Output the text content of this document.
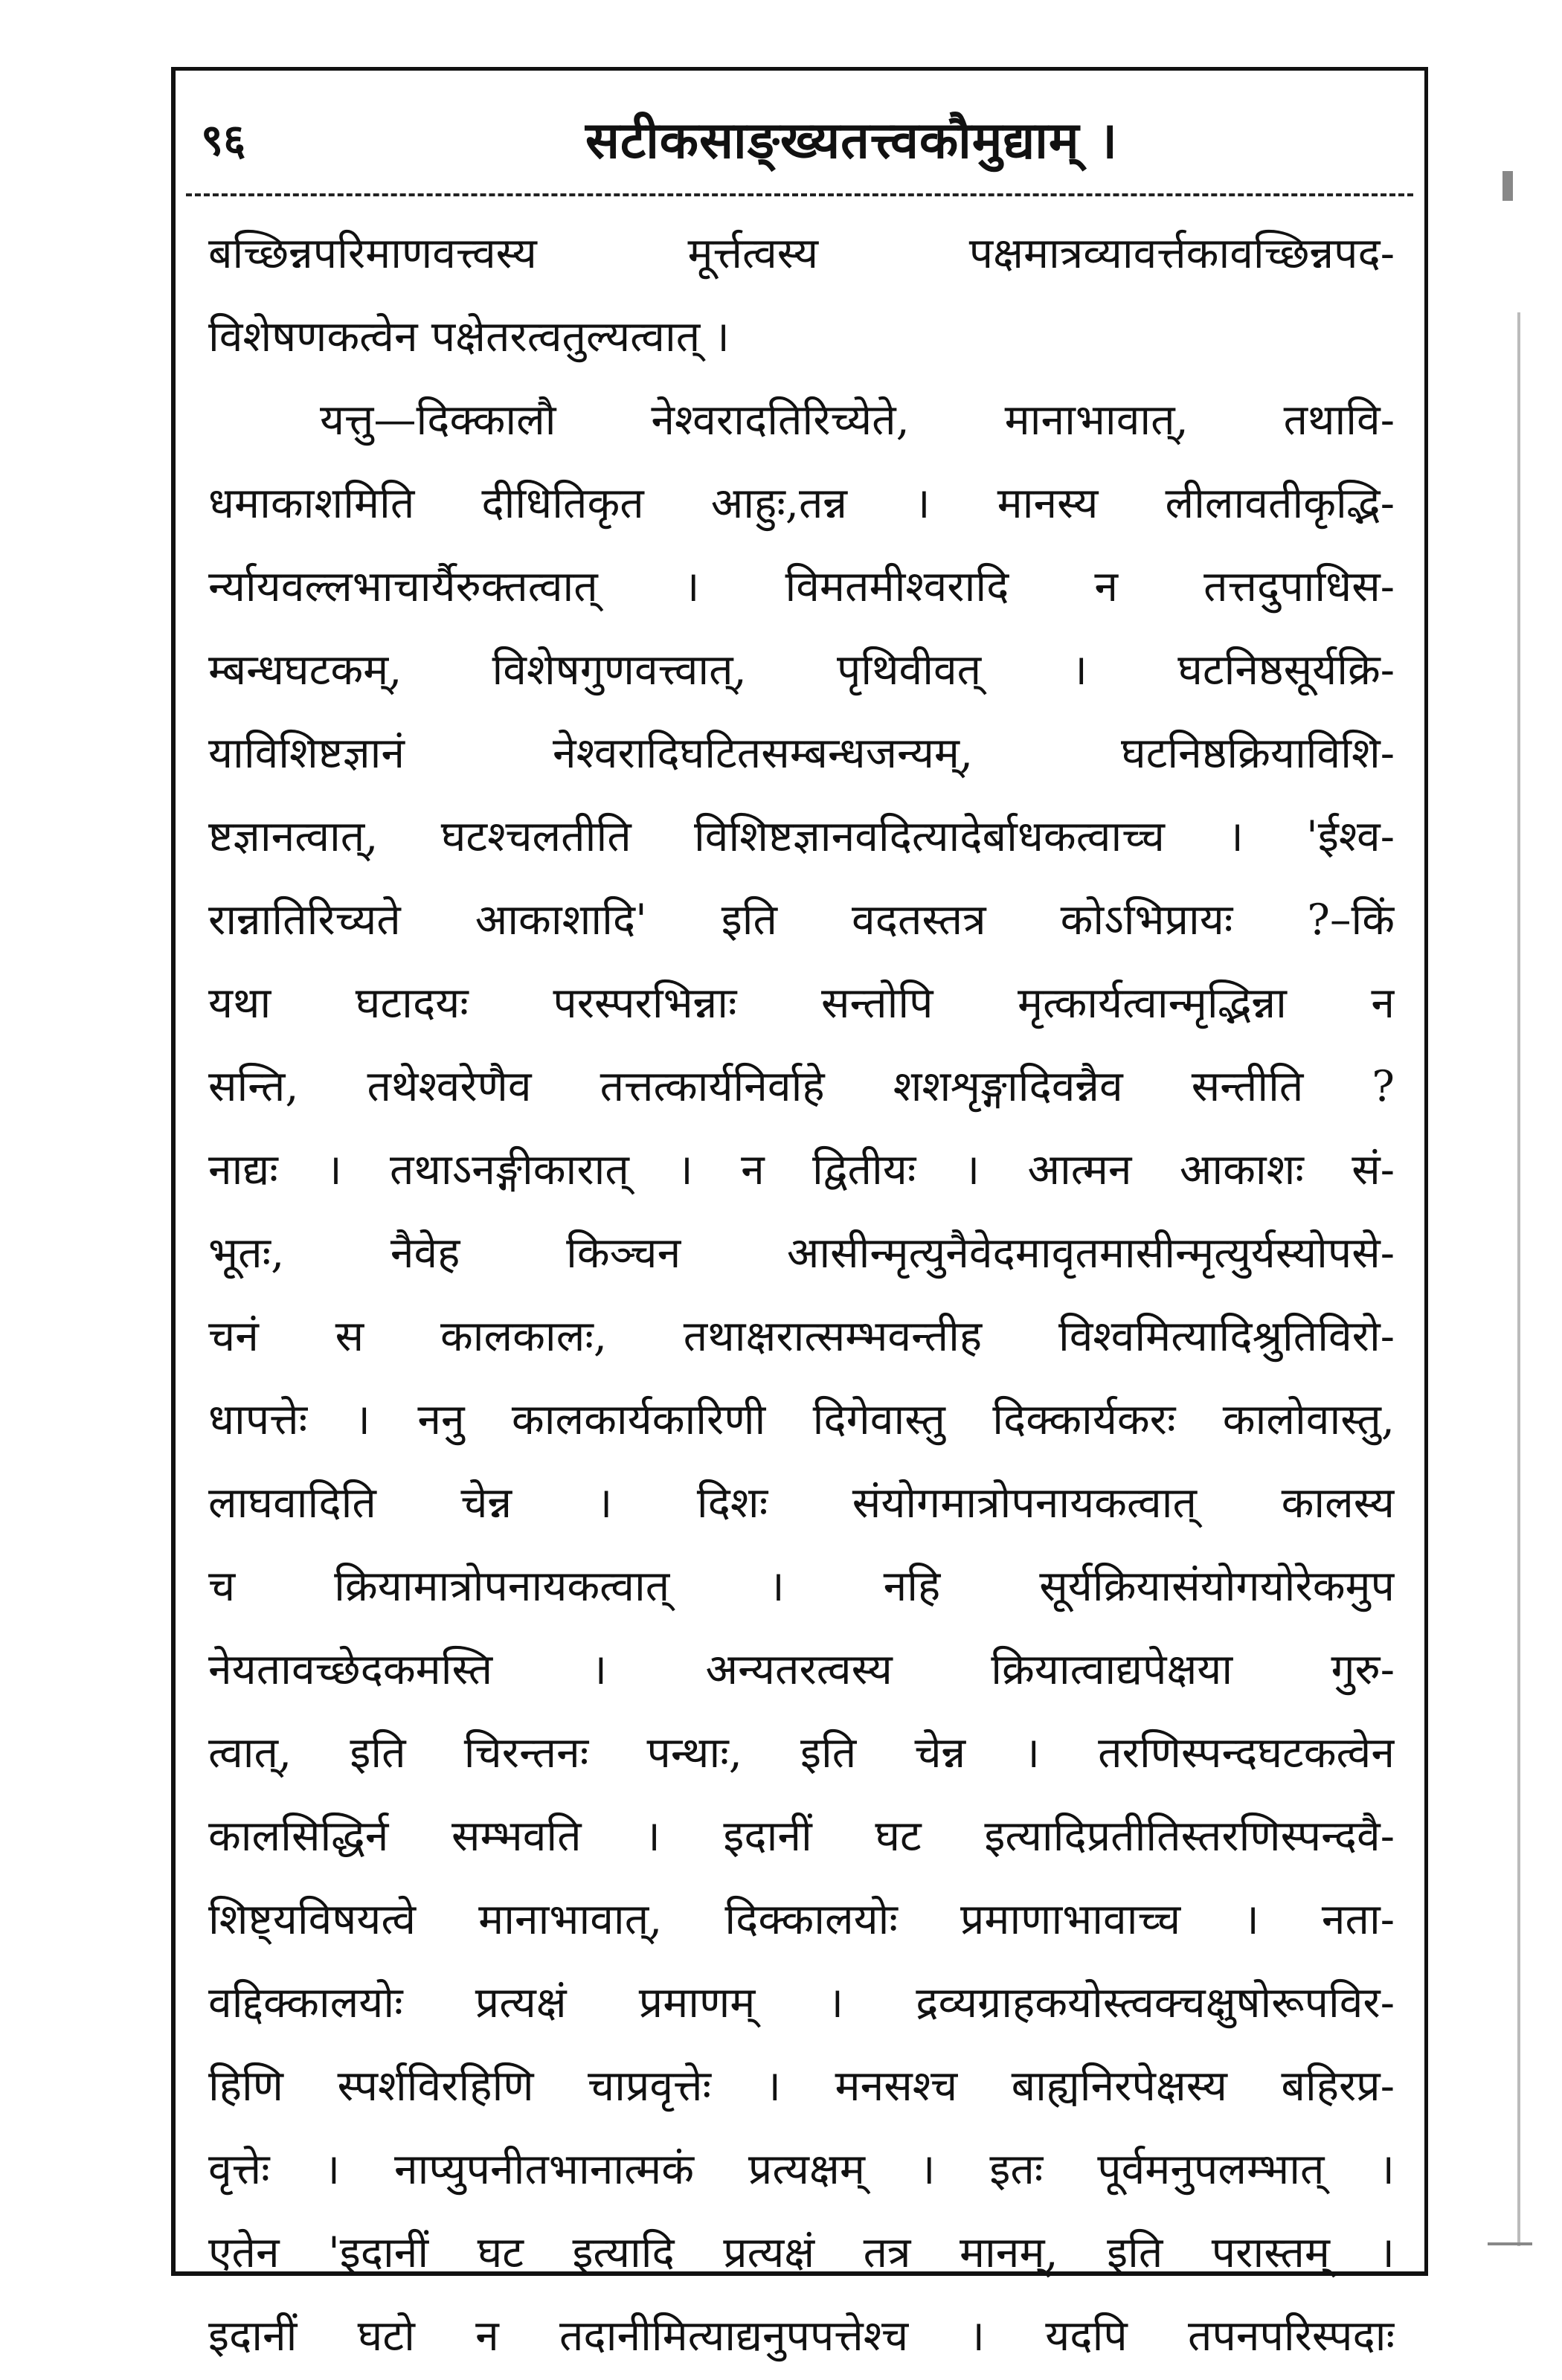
९६	सटीकसाङ्ख्यतत्त्वकौमुद्याम् ।
बच्छिन्नपरिमाणवत्त्वस्य मूर्त्तत्वस्य पक्षमात्रव्यावर्त्तकावच्छिन्नपद-
विशेषणकत्वेन पक्षेतरत्वतुल्यत्वात् ।
यत्तु—दिक्कालौ नेश्वरादतिरिच्येते, मानाभावात्, तथावि-
धमाकाशमिति दीधितिकृत आहुः,तन्न । मानस्य लीलावतीकृद्भि-
र्न्यायवल्लभाचार्यैरुक्तत्वात् । विमतमीश्वरादि न तत्तदुपाधिस-
म्बन्धघटकम्, विशेषगुणवत्त्वात्, पृथिवीवत् । घटनिष्ठसूर्यक्रि-
याविशिष्टज्ञानं नेश्वरादिघटितसम्बन्धजन्यम्, घटनिष्ठक्रियाविशि-
ष्टज्ञानत्वात्, घटश्चलतीति विशिष्टज्ञानवदित्यादेर्बाधकत्वाच्च । 'ईश्व-
रान्नातिरिच्यते आकाशादि' इति वदतस्तत्र कोऽभिप्रायः ?–किं
यथा घटादयः परस्परभिन्नाः सन्तोपि मृत्कार्यत्वान्मृद्भिन्ना न
सन्ति, तथेश्वरेणैव तत्तत्कार्यनिर्वाहे शशशृङ्गादिवन्नैव सन्तीति ?
नाद्यः । तथाऽनङ्गीकारात् । न द्वितीयः । आत्मन आकाशः सं-
भूतः, नैवेह किञ्चन आसीन्मृत्युनैवेदमावृतमासीन्मृत्युर्यस्योपसे-
चनं स कालकालः, तथाक्षरात्सम्भवन्तीह विश्वमित्यादिश्रुतिविरो-
धापत्तेः । ननु कालकार्यकारिणी दिगेवास्तु दिक्कार्यकरः कालोवास्तु,
लाघवादिति चेन्न । दिशः संयोगमात्रोपनायकत्वात् कालस्य
च क्रियामात्रोपनायकत्वात् । नहि सूर्यक्रियासंयोगयोरेकमुप
नेयतावच्छेदकमस्ति । अन्यतरत्वस्य क्रियात्वाद्यपेक्षया गुरु-
त्वात्, इति चिरन्तनः पन्थाः, इति चेन्न । तरणिस्पन्दघटकत्वेन
कालसिद्धिर्न सम्भवति । इदानीं घट इत्यादिप्रतीतिस्तरणिस्पन्दवै-
शिष्ट्यविषयत्वे मानाभावात्, दिक्कालयोः प्रमाणाभावाच्च । नता-
वद्दिक्कालयोः प्रत्यक्षं प्रमाणम् । द्रव्यग्राहकयोस्त्वक्चक्षुषोरूपविर-
हिणि स्पर्शविरहिणि चाप्रवृत्तेः । मनसश्च बाह्यनिरपेक्षस्य बहिरप्र-
वृत्तेः । नाप्युपनीतभानात्मकं प्रत्यक्षम् । इतः पूर्वमनुपलम्भात् ।
एतेन 'इदानीं घट इत्यादि प्रत्यक्षं तत्र मानम्, इति परास्तम् ।
इदानीं घटो न तदानीमित्याद्यनुपपत्तेश्च । यदपि तपनपरिस्पदाः
